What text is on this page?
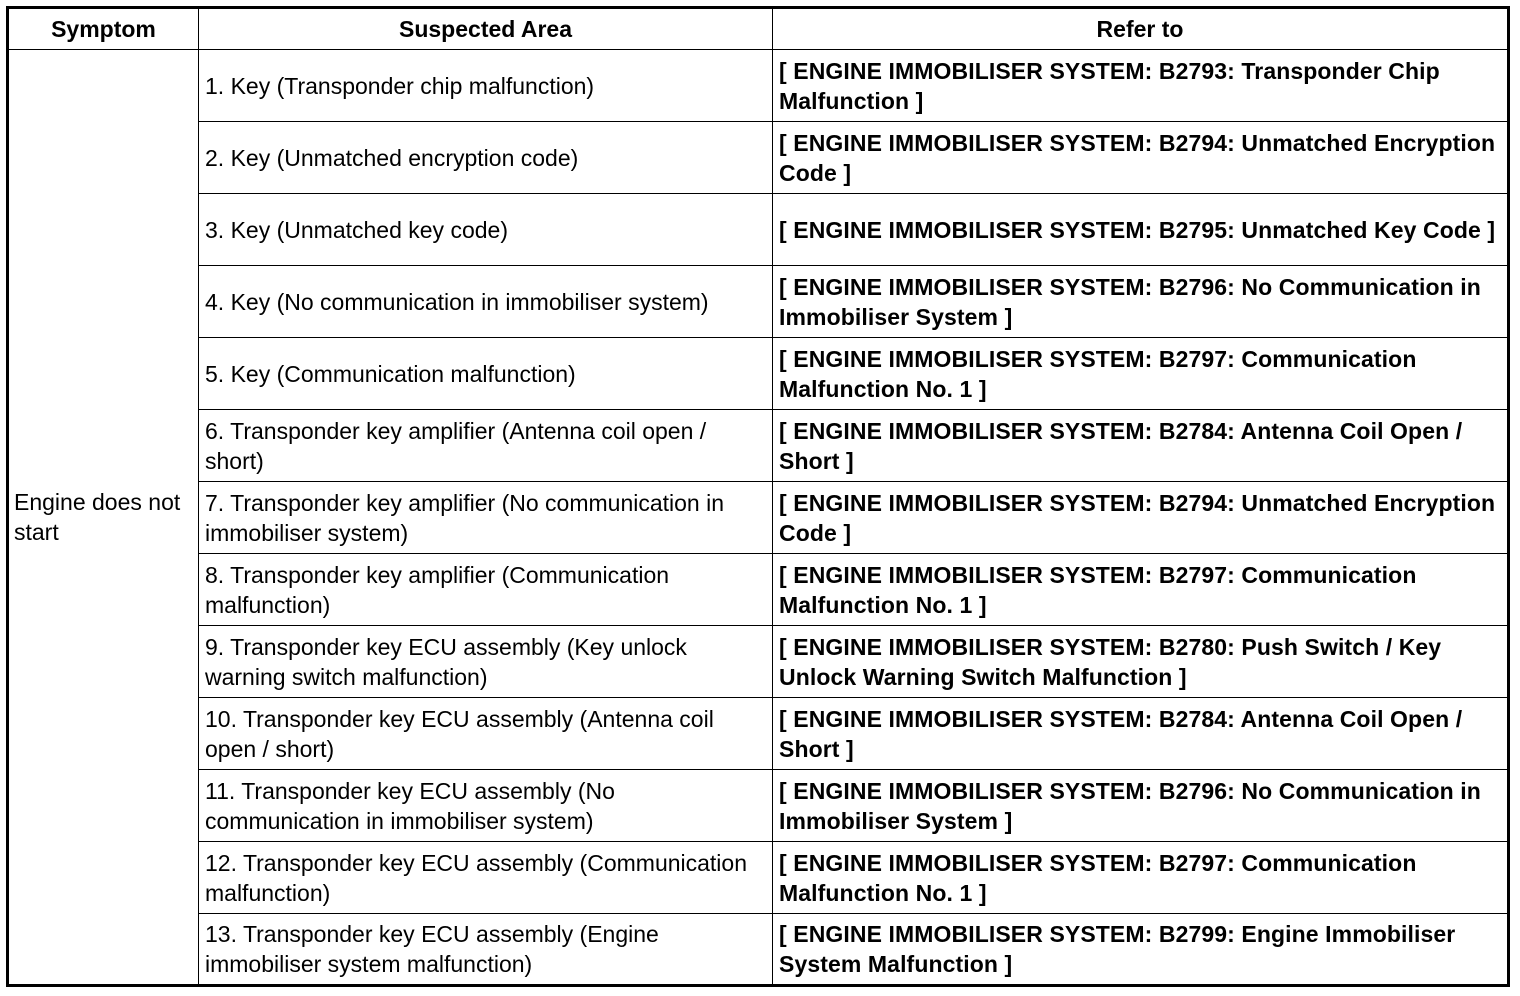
Symptom	Suspected Area	Refer to
Engine does not start	1. Key (Transponder chip malfunction)	[ ENGINE IMMOBILISER SYSTEM: B2793: Transponder Chip Malfunction ]
	2. Key (Unmatched encryption code)	[ ENGINE IMMOBILISER SYSTEM: B2794: Unmatched Encryption Code ]
	3. Key (Unmatched key code)	[ ENGINE IMMOBILISER SYSTEM: B2795: Unmatched Key Code ]
	4. Key (No communication in immobiliser system)	[ ENGINE IMMOBILISER SYSTEM: B2796: No Communication in Immobiliser System ]
	5. Key (Communication malfunction)	[ ENGINE IMMOBILISER SYSTEM: B2797: Communication Malfunction No. 1 ]
	6. Transponder key amplifier (Antenna coil open / short)	[ ENGINE IMMOBILISER SYSTEM: B2784: Antenna Coil Open / Short ]
	7. Transponder key amplifier (No communication in immobiliser system)	[ ENGINE IMMOBILISER SYSTEM: B2794: Unmatched Encryption Code ]
	8. Transponder key amplifier (Communication malfunction)	[ ENGINE IMMOBILISER SYSTEM: B2797: Communication Malfunction No. 1 ]
	9. Transponder key ECU assembly (Key unlock warning switch malfunction)	[ ENGINE IMMOBILISER SYSTEM: B2780: Push Switch / Key Unlock Warning Switch Malfunction ]
	10. Transponder key ECU assembly (Antenna coil open / short)	[ ENGINE IMMOBILISER SYSTEM: B2784: Antenna Coil Open / Short ]
	11. Transponder key ECU assembly (No communication in immobiliser system)	[ ENGINE IMMOBILISER SYSTEM: B2796: No Communication in Immobiliser System ]
	12. Transponder key ECU assembly (Communication malfunction)	[ ENGINE IMMOBILISER SYSTEM: B2797: Communication Malfunction No. 1 ]
	13. Transponder key ECU assembly (Engine immobiliser system malfunction)	[ ENGINE IMMOBILISER SYSTEM: B2799: Engine Immobiliser System Malfunction ]
